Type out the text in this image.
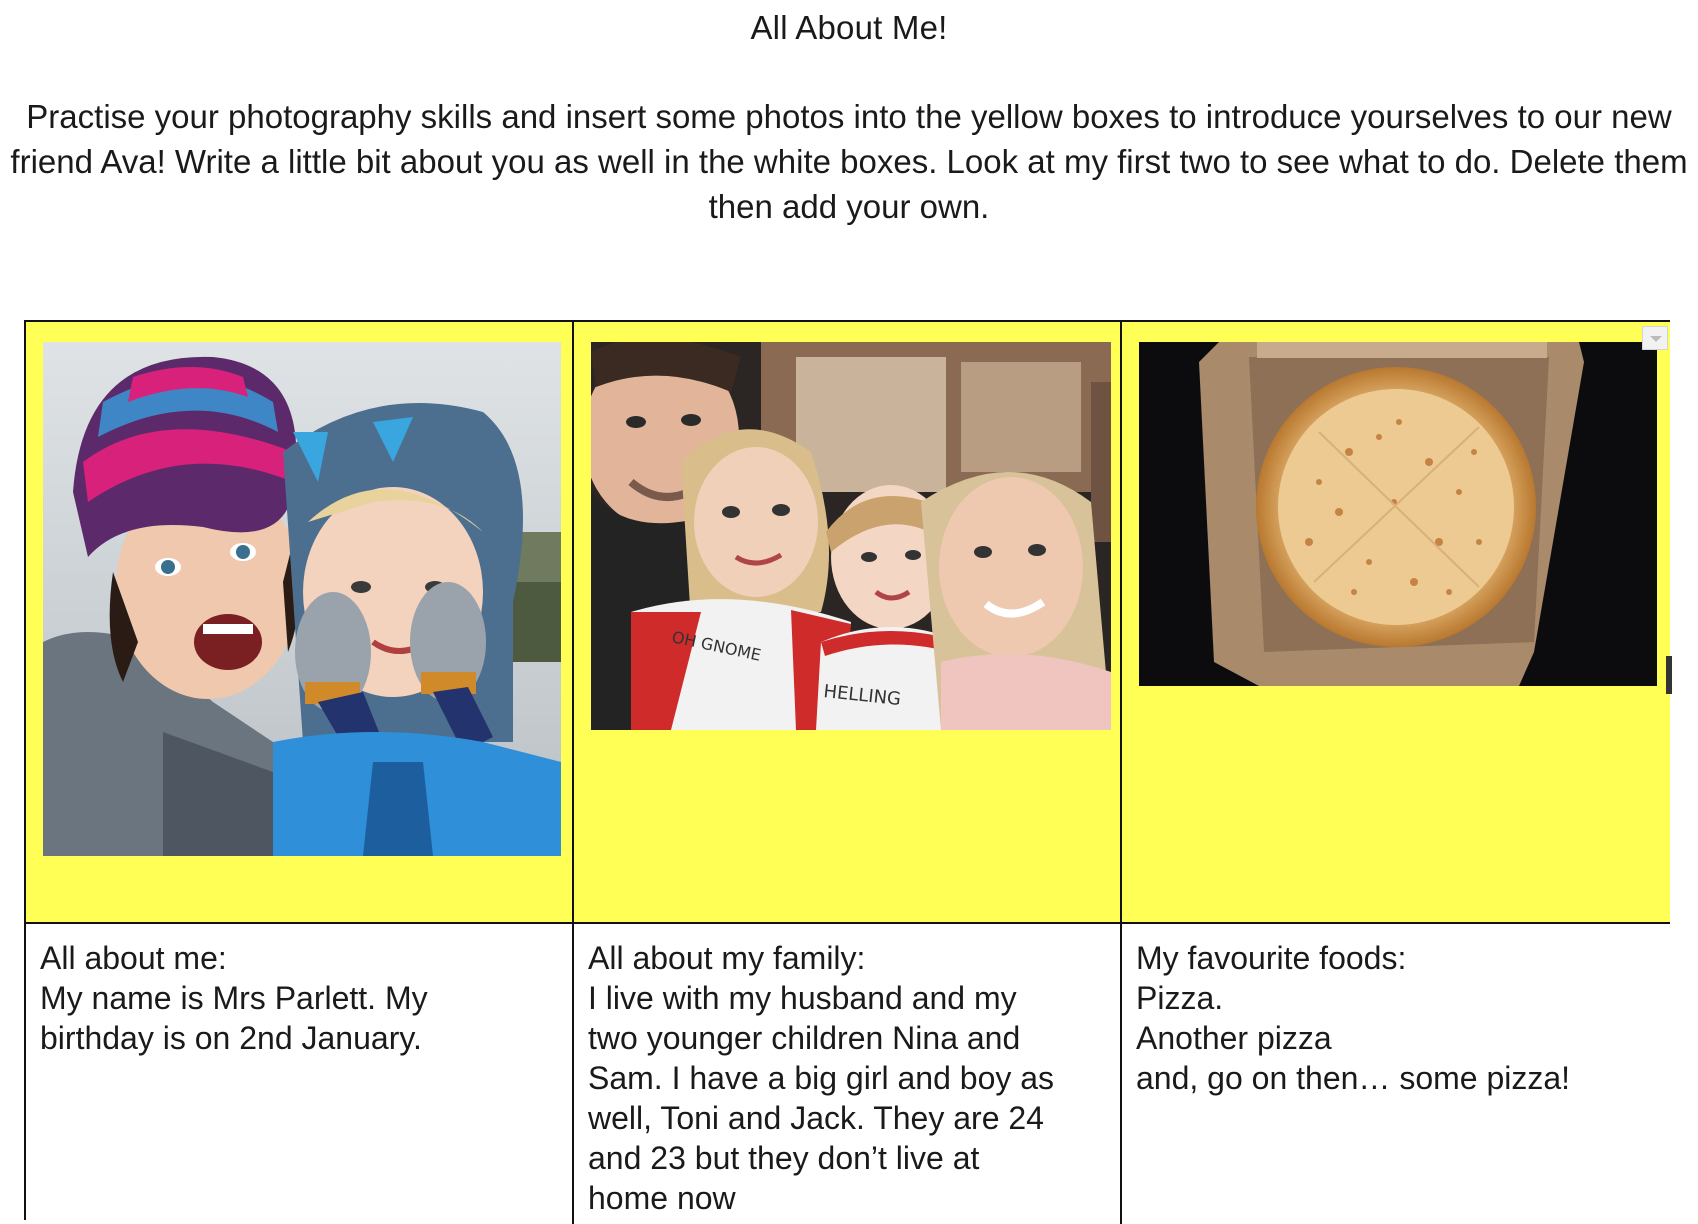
All About Me!
Practise your photography skills and insert some photos into the yellow boxes to introduce yourselves to our new friend Ava! Write a little bit about you as well in the white boxes. Look at my first two to see what to do. Delete them then add your own.
OH GNOME
HELLING
All about me:
My name is Mrs Parlett. My
birthday is on 2nd January.
All about my family:
I live with my husband and my
two younger children Nina and
Sam. I have a big girl and boy as
well, Toni and Jack. They are 24
and 23 but they don’t live at
home now
My favourite foods:
Pizza.
Another pizza
and, go on then… some pizza!
